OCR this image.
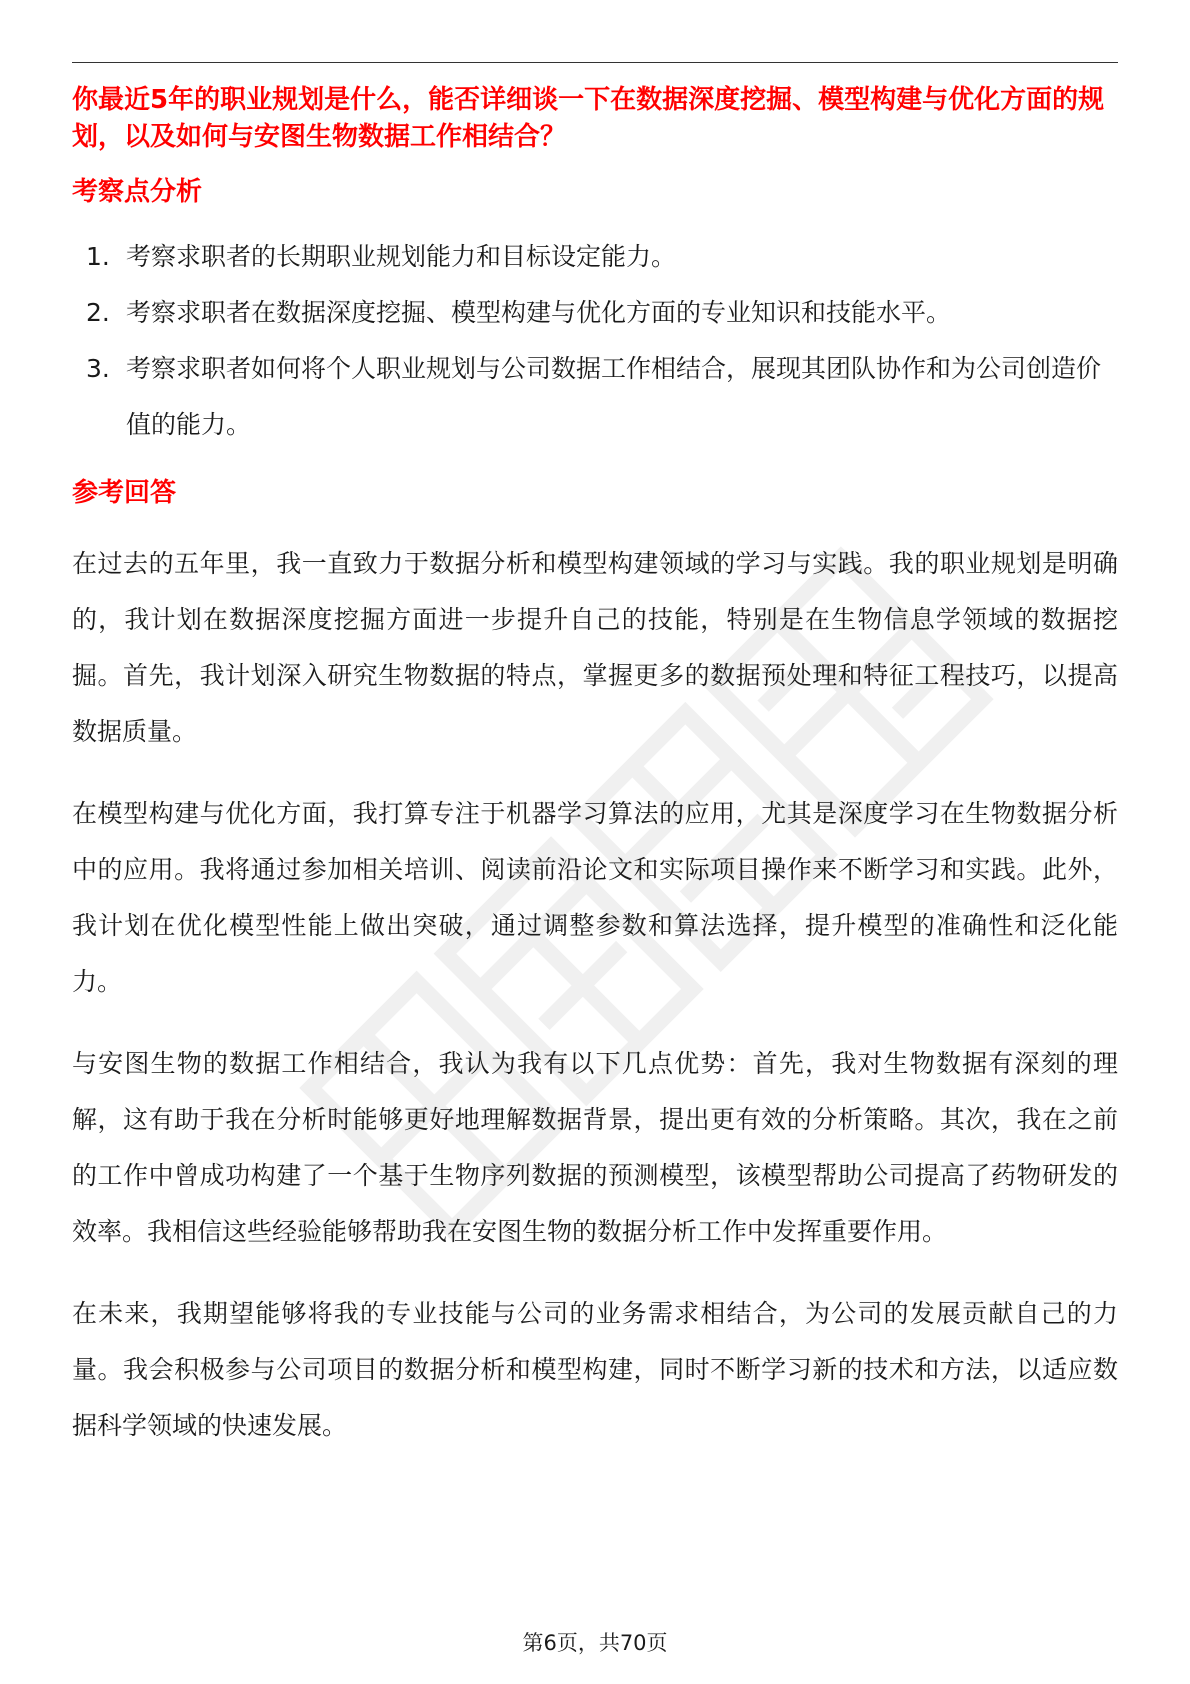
你最近5年的职业规划是什么，能否详细谈一下在数据深度挖掘、模型构建与优化方面的规划，以及如何与安图生物数据工作相结合？

考察点分析
1. 考察求职者的长期职业规划能力和目标设定能力。
2. 考察求职者在数据深度挖掘、模型构建与优化方面的专业知识和技能水平。
3. 考察求职者如何将个人职业规划与公司数据工作相结合，展现其团队协作和为公司创造价值的能力。
参考回答

在过去的五年里，我一直致力于数据分析和模型构建领域的学习与实践。我的职业规划是明确的，我计划在数据深度挖掘方面进一步提升自己的技能，特别是在生物信息学领域的数据挖掘。首先，我计划深入研究生物数据的特点，掌握更多的数据预处理和特征工程技巧，以提高数据质量。

在模型构建与优化方面，我打算专注于机器学习算法的应用，尤其是深度学习在生物数据分析中的应用。我将通过参加相关培训、阅读前沿论文和实际项目操作来不断学习和实践。此外，我计划在优化模型性能上做出突破，通过调整参数和算法选择，提升模型的准确性和泛化能力。

与安图生物的数据工作相结合，我认为我有以下几点优势：首先，我对生物数据有深刻的理解，这有助于我在分析时能够更好地理解数据背景，提出更有效的分析策略。其次，我在之前的工作中曾成功构建了一个基于生物序列数据的预测模型，该模型帮助公司提高了药物研发的效率。我相信这些经验能够帮助我在安图生物的数据分析工作中发挥重要作用。

在未来，我期望能够将我的专业技能与公司的业务需求相结合，为公司的发展贡献自己的力量。我会积极参与公司项目的数据分析和模型构建，同时不断学习新的技术和方法，以适应数据科学领域的快速发展。

第6页，共70页
